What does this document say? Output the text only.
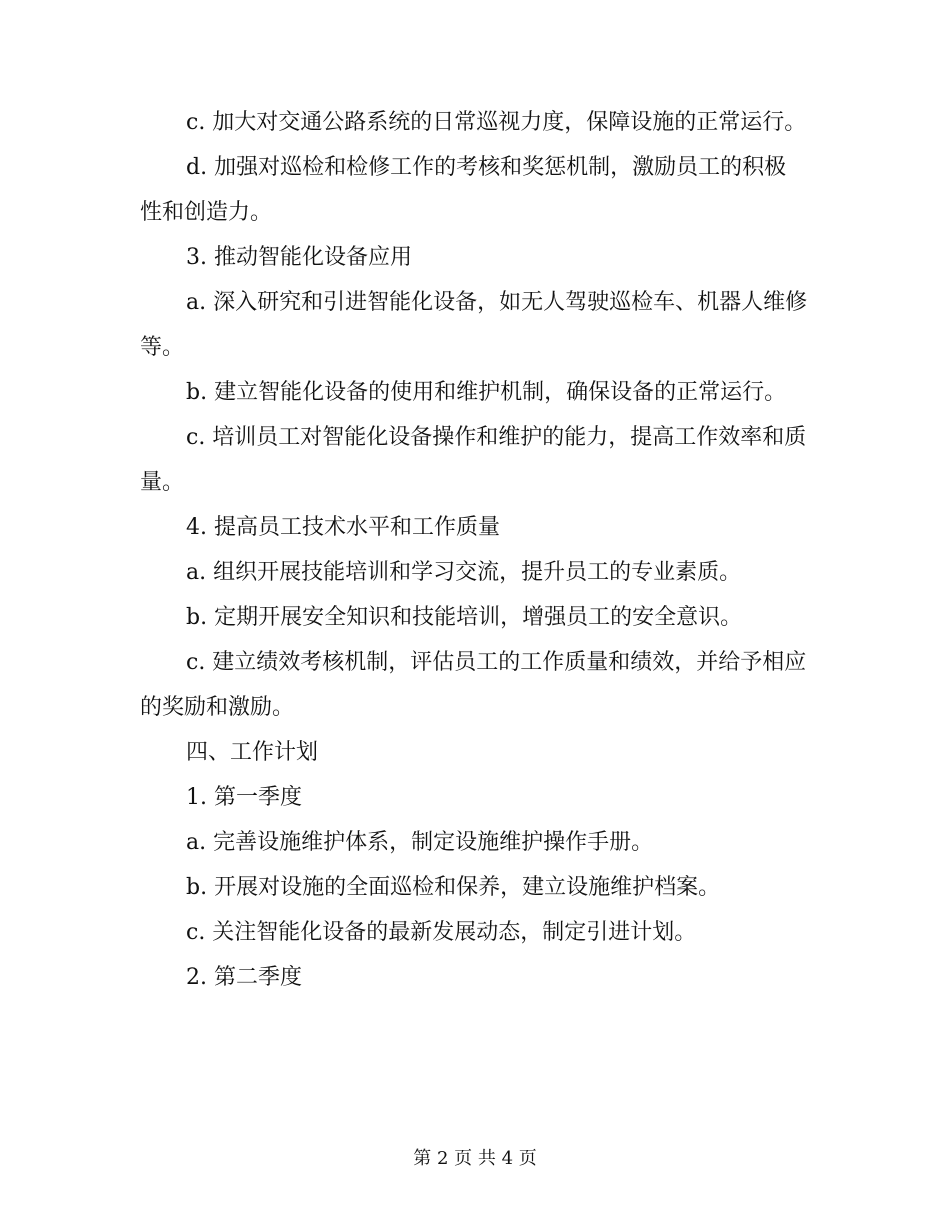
c. 加大对交通公路系统的日常巡视力度，保障设施的正常运行。

d. 加强对巡检和检修工作的考核和奖惩机制，激励员工的积极性和创造力。

3. 推动智能化设备应用

a. 深入研究和引进智能化设备，如无人驾驶巡检车、机器人维修等。

b. 建立智能化设备的使用和维护机制，确保设备的正常运行。

c. 培训员工对智能化设备操作和维护的能力，提高工作效率和质量。

4. 提高员工技术水平和工作质量

a. 组织开展技能培训和学习交流，提升员工的专业素质。

b. 定期开展安全知识和技能培训，增强员工的安全意识。

c. 建立绩效考核机制，评估员工的工作质量和绩效，并给予相应的奖励和激励。

四、工作计划

1. 第一季度

a. 完善设施维护体系，制定设施维护操作手册。

b. 开展对设施的全面巡检和保养，建立设施维护档案。

c. 关注智能化设备的最新发展动态，制定引进计划。

2. 第二季度

第 2 页 共 4 页
